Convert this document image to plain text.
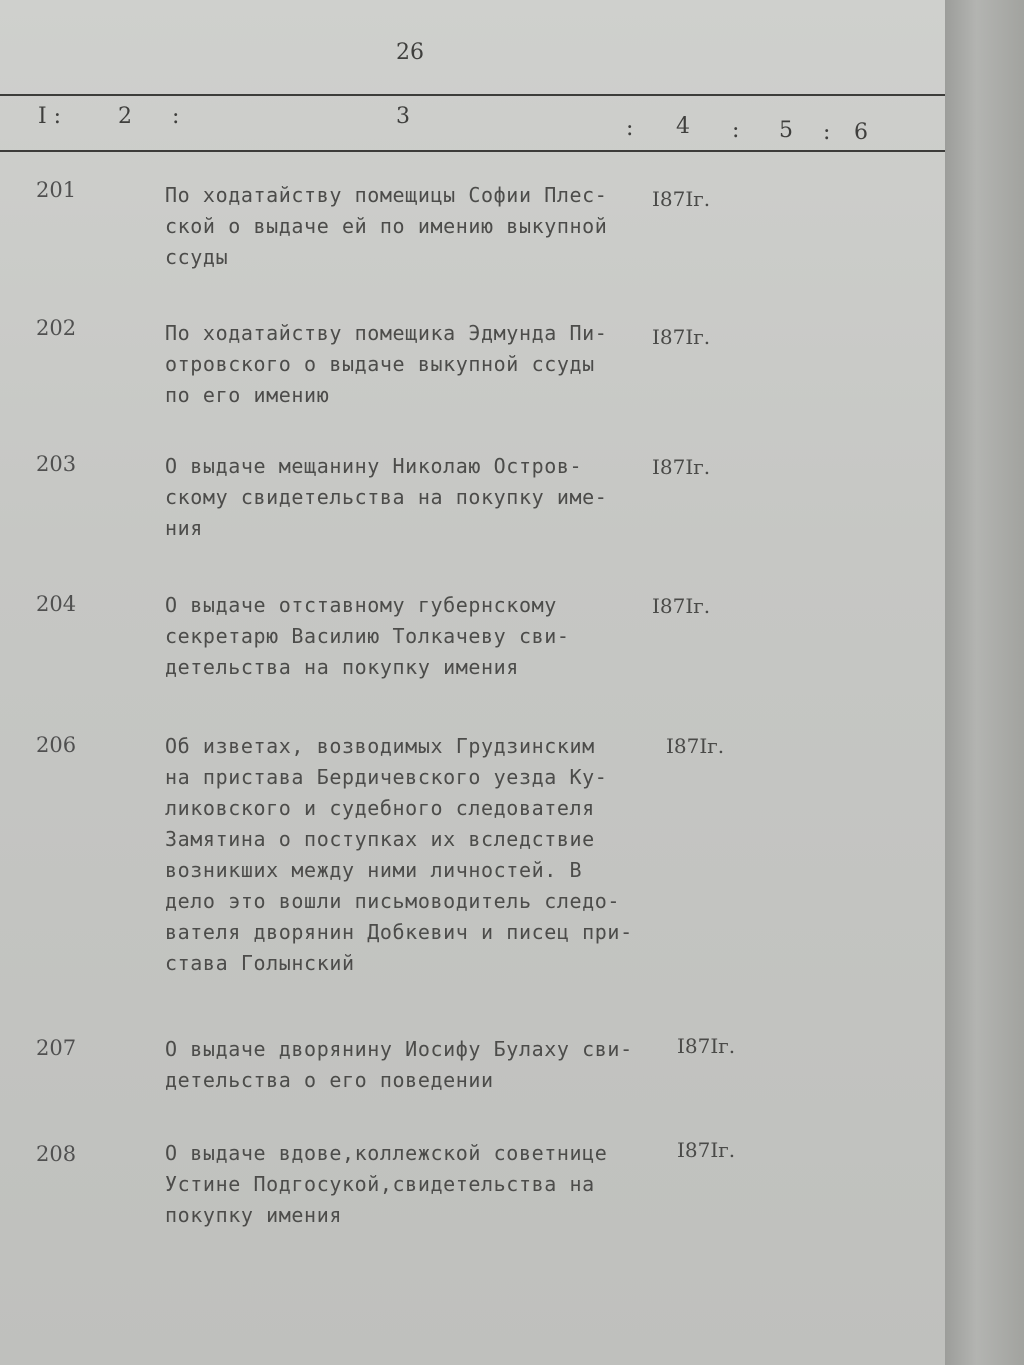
26
I :	2 :	3	: 4 : 5 : 6
201	По ходатайству помещицы Софии Плес-
ской о выдаче ей по имению выкупной
ссуды
I87Iг.
202	По ходатайству помещика Эдмунда Пи-
отровского о выдаче выкупной ссуды
по его имению
I87Iг.
203	О выдаче мещанину Николаю Остров-
скому свидетельства на покупку име-
ния
I87Iг.
204	О выдаче отставному губернскому
секретарю Василию Толкачеву сви-
детельства на покупку имения
I87Iг.
206	Об изветах, возводимых Грудзинским
на пристава Бердичевского уезда Ку-
ликовского и судебного следователя
Замятина о поступках их вследствие
возникших между ними личностей. В
дело это вошли письмоводитель следо-
вателя дворянин Добкевич и писец при-
става Голынский
I87Iг.
207	О выдаче дворянину Иосифу Булаху сви-
детельства о его поведении
I87Iг.
208	О выдаче вдове,коллежской советнице
Устине Подгосукой,свидетельства на
покупку имения
I87Iг.
